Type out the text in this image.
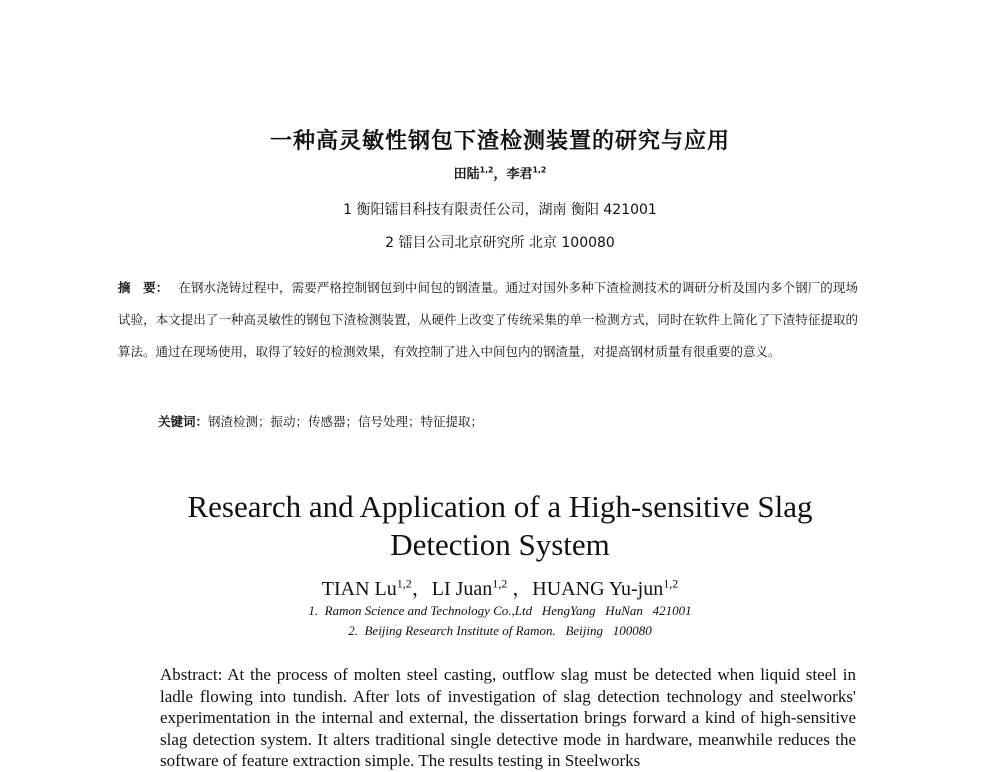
一种高灵敏性钢包下渣检测装置的研究与应用
田陆$^{1,2}$，李君$^{1,2}$
1 衡阳镭目科技有限责任公司，湖南 衡阳 421001
2 镭目公司北京研究所 北京 100080
摘　要： 在钢水浇铸过程中，需要严格控制钢包到中间包的钢渣量。通过对国外多种下渣检测技术的调研分析及国内多个钢厂的现场试验，本文提出了一种高灵敏性的钢包下渣检测装置，从硬件上改变了传统采集的单一检测方式，同时在软件上简化了下渣特征提取的算法。通过在现场使用，取得了较好的检测效果，有效控制了进入中间包内的钢渣量，对提高钢材质量有很重要的意义。
关键词：钢渣检测；振动；传感器；信号处理；特征提取；
Research and Application of a High-sensitive Slag
Detection System
TIAN Lu$^{1,2}$，LI Juan$^{1,2}$ ，HUANG Yu-jun$^{1,2}$
1.  Ramon Science and Technology Co.,Ltd   HengYang   HuNan   421001
2.  Beijing Research Institute of Ramon.   Beijing   100080
Abstract: At the process of molten steel casting, outflow slag must be detected when liquid steel in ladle flowing into tundish. After lots of investigation of slag detection technology and steelworks' experimentation in the internal and external, the dissertation brings forward a kind of high-sensitive slag detection system. It alters traditional single detective mode in hardware, meanwhile reduces the software of feature extraction simple. The results testing in Steelworks
